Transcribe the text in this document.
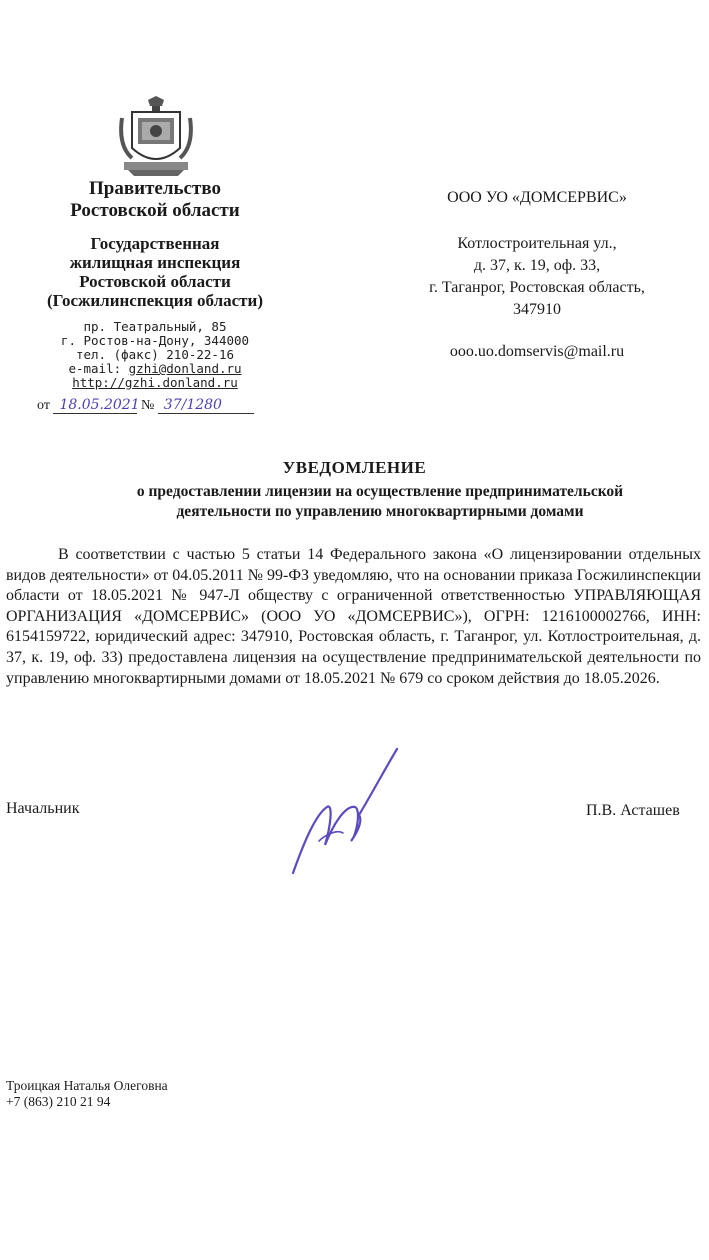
Правительство
Ростовской области
Государственная
жилищная инспекция
Ростовской области
(Госжилинспекция области)
пр. Театральный, 85
г. Ростов-на-Дону, 344000
тел. (факс) 210-22-16
e-mail: gzhi@donland.ru
http://gzhi.donland.ru
от 18.05.2021 № 37/1280
ООО УО «ДОМСЕРВИС»
Котлостроительная ул.,
д. 37, к. 19, оф. 33,
г. Таганрог, Ростовская область,
347910
ooo.uo.domservis@mail.ru
УВЕДОМЛЕНИЕ
о предоставлении лицензии на осуществление предпринимательской
деятельности по управлению многоквартирными домами

В соответствии с частью 5 статьи 14 Федерального закона «О лицензировании отдельных видов деятельности» от 04.05.2011 № 99-ФЗ уведомляю, что на основании приказа Госжилинспекции области от 18.05.2021 № 947-Л обществу с ограниченной ответственностью УПРАВЛЯЮЩАЯ ОРГАНИЗАЦИЯ «ДОМСЕРВИС» (ООО УО «ДОМСЕРВИС»), ОГРН: 1216100002766, ИНН: 6154159722, юридический адрес: 347910, Ростовская область, г. Таганрог, ул. Котлостроительная, д. 37, к. 19, оф. 33) предоставлена лицензия на осуществление предпринимательской деятельности по управлению многоквартирными домами от 18.05.2021 № 679 со сроком действия до 18.05.2026.

Начальник	П.В. Асташев
Троицкая Наталья Олеговна
+7 (863) 210 21 94
